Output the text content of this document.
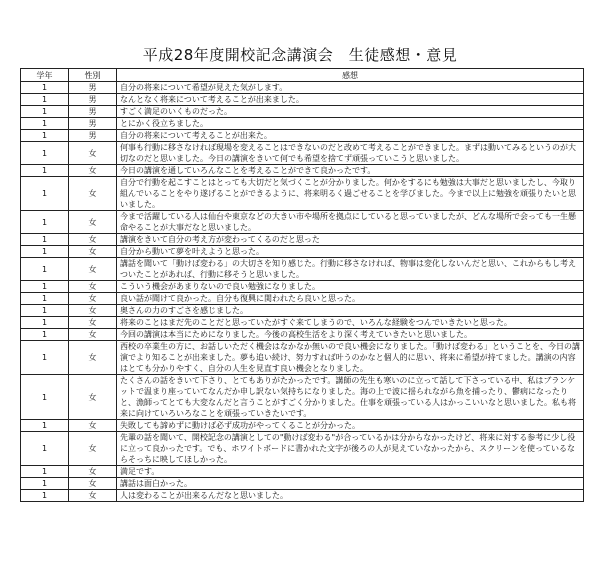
平成28年度開校記念講演会　生徒感想・意見
学年	性別	感想
1	男	自分の将来について希望が見えた気がします。
1	男	なんとなく将来について考えることが出来ました。
1	男	すごく満足のいくものだった。
1	男	とにかく役立ちました。
1	男	自分の将来について考えることが出来た。
1	女	何事も行動に移さなければ現場を変えることはできないのだと改めて考えることができました。まずは動いてみるというのが大切なのだと思いました。今日の講演をきいて何でも希望を捨てず頑張っていこうと思いました。
1	女	今日の講演を通していろんなことを考えることができて良かったです。
1	女	自分で行動を起こすことはとっても大切だと気づくことが分かりました。何かをするにも勉強は大事だと思いましたし、今取り組んでいることをやり遂げることができるように、将来明るく過ごせることを学びました。今まで以上に勉強を頑張りたいと思いました。
1	女	今まで活躍している人は仙台や東京などの大きい市や場所を拠点にしていると思っていましたが、どんな場所で会っても一生懸命やることが大事だなと思いました。
1	女	講演をきいて自分の考え方が変わってくるのだと思った
1	女	自分から動いて夢を叶えようと思った。
1	女	講話を聞いて「動けば変わる」の大切さを知り感じた。行動に移さなければ、物事は変化しないんだと思い、これからもし考えついたことがあれば、行動に移そうと思いました。
1	女	こういう機会があまりないので良い勉強になりました。
1	女	良い話が聞けて良かった。自分も復興に関われたら良いと思った。
1	女	奥さんの力のすごさを感じました。
1	女	将来のことはまだ先のことだと思っていたがすぐ来てしまうので、いろんな経験をつんでいきたいと思った。
1	女	今回の講演は本当にためになりました。今後の高校生活をより深く考えていきたいと思いました。
1	女	西校の卒業生の方に、お話しいただく機会はなかなか無いので良い機会になりました。「動けば変わる」ということを、今日の講演でより知ることが出来ました。夢も追い続け、努力すれば叶うのかなと個人的に思い、将来に希望が持てました。講演の内容はとても分かりやすく、自分の人生を見直す良い機会となりました。
1	女	たくさんの話をきいて下さり、とてもありがたかったです。講師の先生も寒いのに立って話して下さっている中、私はブランケットで温まり座っていてなんだか申し訳ない気持ちになりました。海の上で波に揺られながら魚を捕ったり、鬱病になったりと、漁師ってとても大変なんだと言うことがすごく分かりました。仕事を頑張っている人はかっこいいなと思いました。私も将来に向けていろいろなことを頑張っていきたいです。
1	女	失敗しても諦めずに動けば必ず成功がやってくることが分かった。
1	女	先輩の話を聞いて、開校記念の講演としての"動けば変わる"が合っているかは分からなかったけど、将来に対する参考に少し役に立って良かったです。でも、ホワイトボードに書かれた文字が後ろの人が見えていなかったから、スクリーンを使っているならそっちに映してほしかった。
1	女	満足です。
1	女	講話は面白かった。
1	女	人は変わることが出来るんだなと思いました。
